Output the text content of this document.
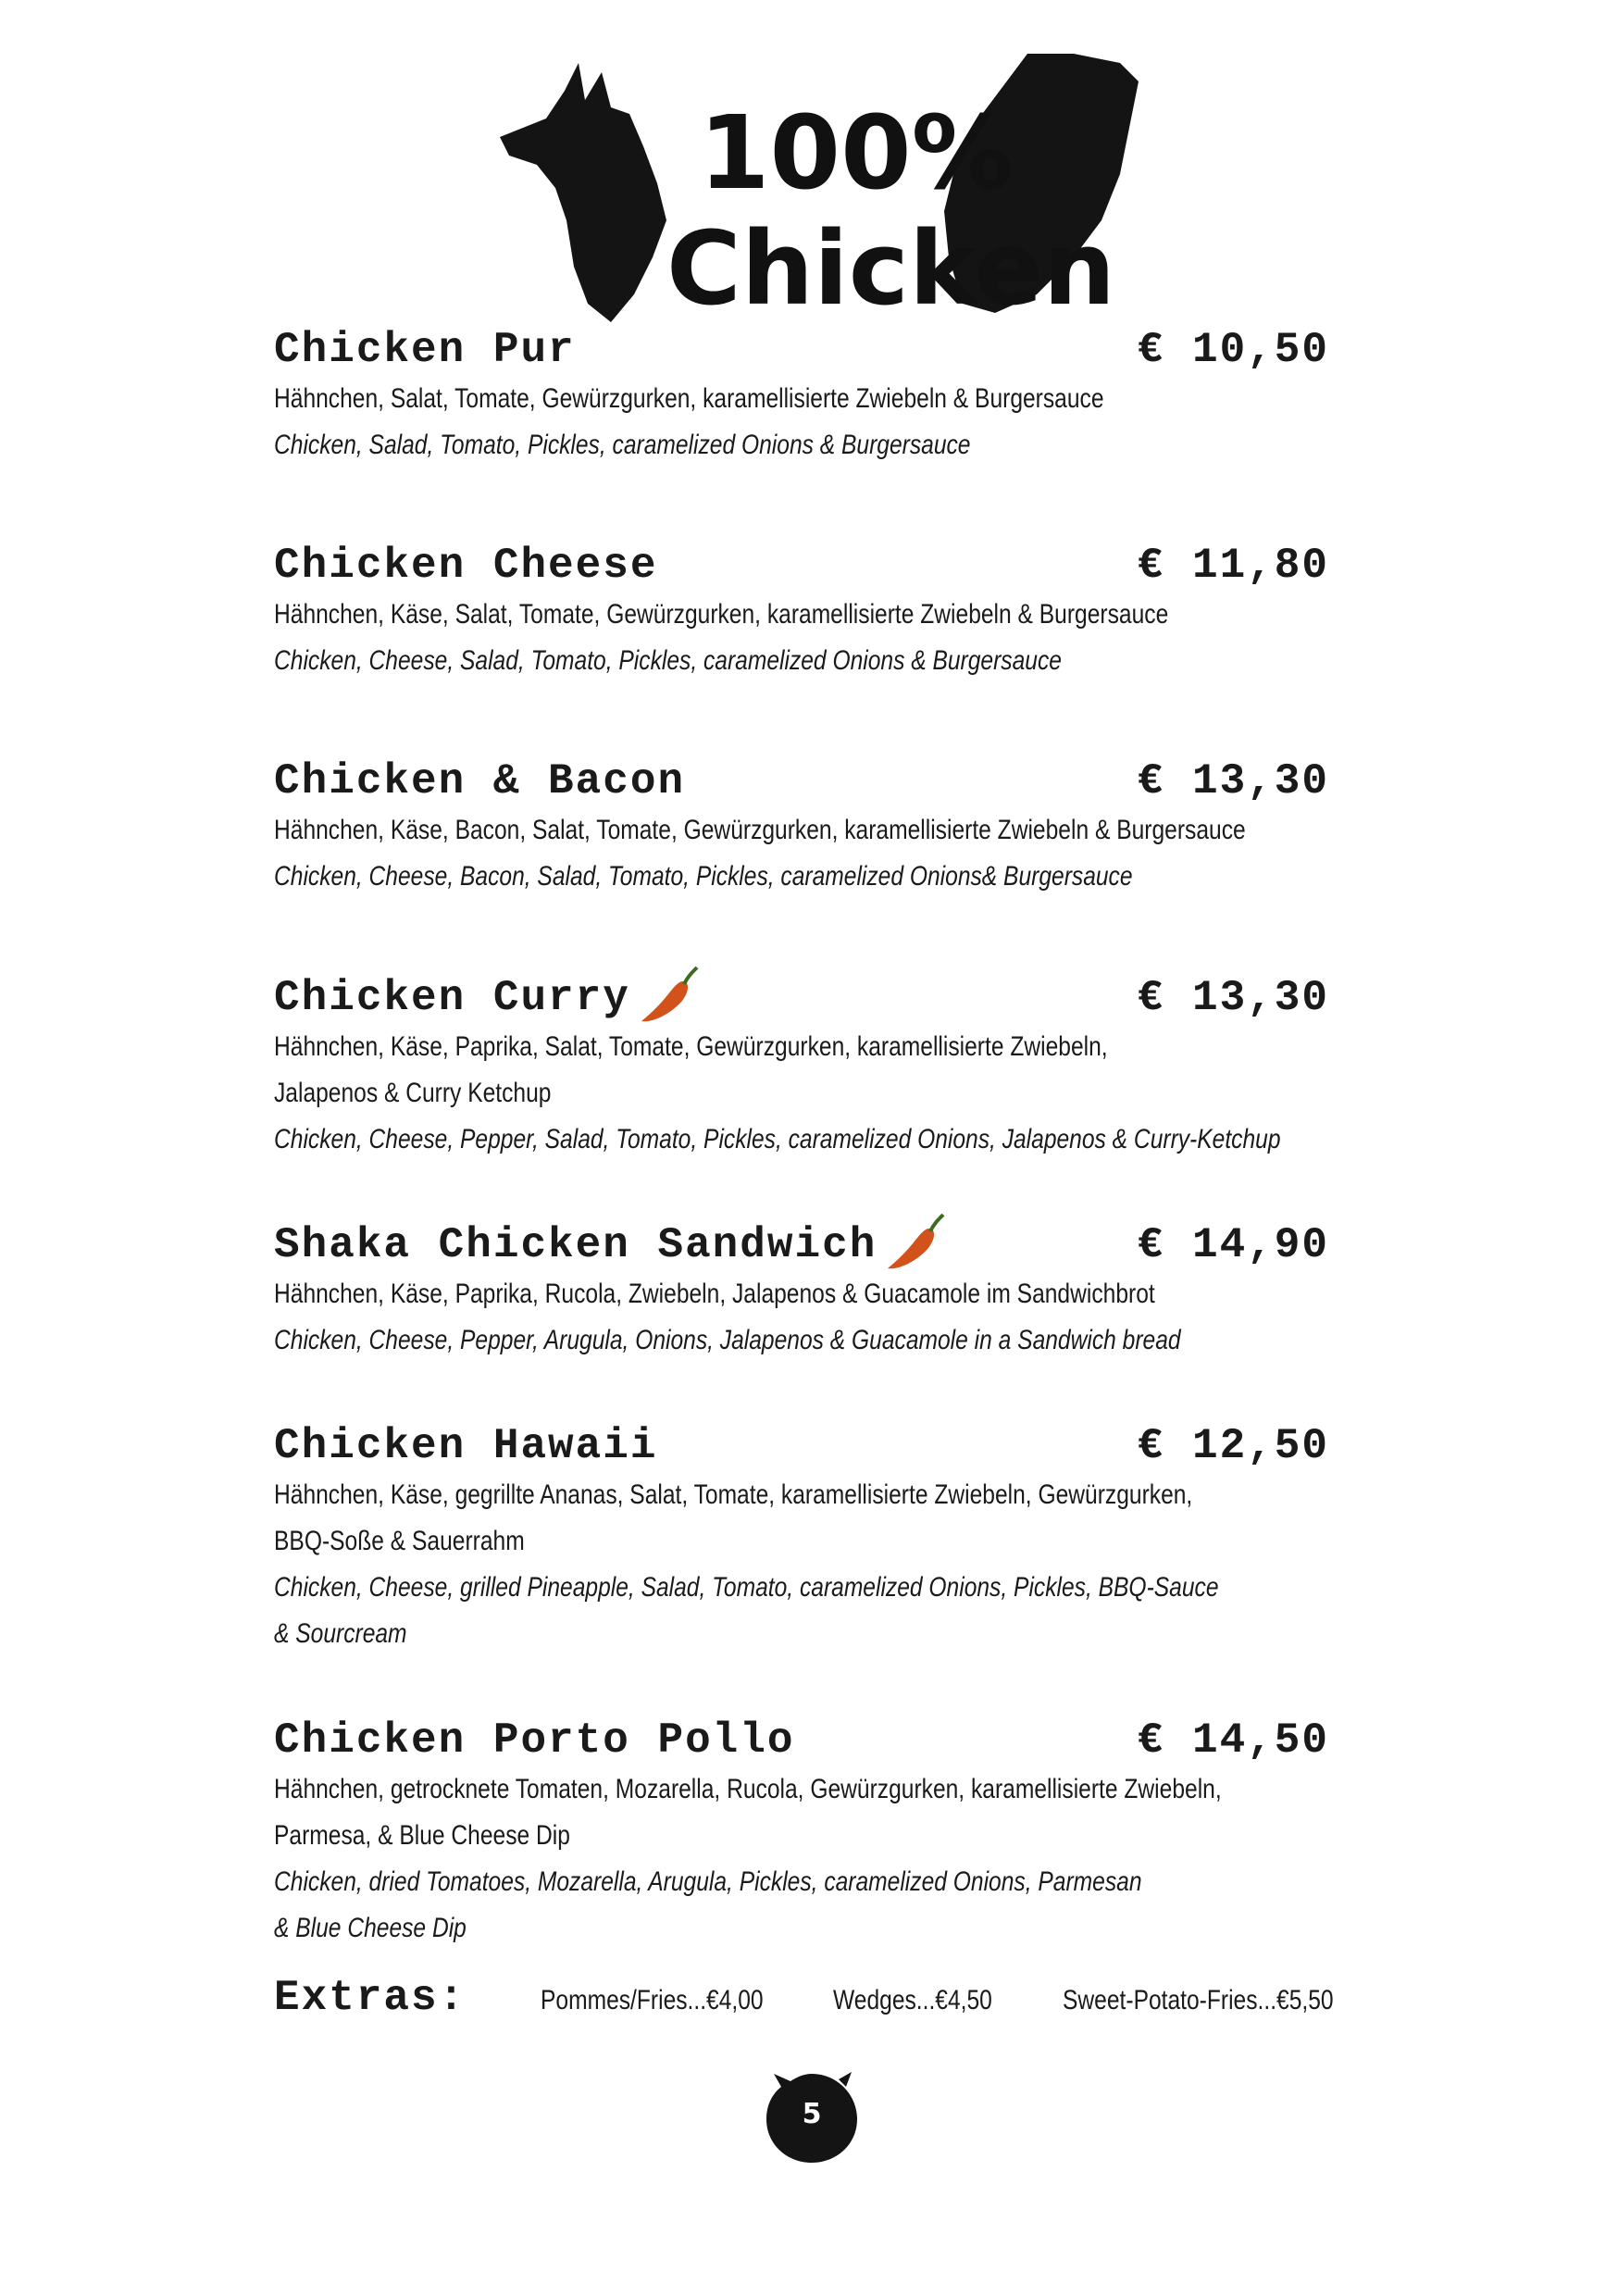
100%
Chicken
Chicken Pur	€ 10,50
Hähnchen, Salat, Tomate, Gewürzgurken, karamellisierte Zwiebeln & Burgersauce
Chicken, Salad, Tomato, Pickles, caramelized Onions & Burgersauce
Chicken Cheese	€ 11,80
Hähnchen, Käse, Salat, Tomate, Gewürzgurken, karamellisierte Zwiebeln & Burgersauce
Chicken, Cheese, Salad, Tomato, Pickles, caramelized Onions & Burgersauce
Chicken & Bacon	€ 13,30
Hähnchen, Käse, Bacon, Salat, Tomate, Gewürzgurken, karamellisierte Zwiebeln & Burgersauce
Chicken, Cheese, Bacon, Salad, Tomato, Pickles, caramelized Onions& Burgersauce
Chicken Curry	€ 13,30
Hähnchen, Käse, Paprika, Salat, Tomate, Gewürzgurken, karamellisierte Zwiebeln,
Jalapenos & Curry Ketchup
Chicken, Cheese, Pepper, Salad, Tomato, Pickles, caramelized Onions, Jalapenos & Curry-Ketchup
Shaka Chicken Sandwich	€ 14,90
Hähnchen, Käse, Paprika, Rucola, Zwiebeln, Jalapenos & Guacamole im Sandwichbrot
Chicken, Cheese, Pepper, Arugula, Onions, Jalapenos & Guacamole in a Sandwich bread
Chicken Hawaii	€ 12,50
Hähnchen, Käse, gegrillte Ananas, Salat, Tomate, karamellisierte Zwiebeln, Gewürzgurken,
BBQ-Soße & Sauerrahm
Chicken, Cheese, grilled Pineapple, Salad, Tomato, caramelized Onions, Pickles, BBQ-Sauce
& Sourcream
Chicken Porto Pollo	€ 14,50
Hähnchen, getrocknete Tomaten, Mozarella, Rucola, Gewürzgurken, karamellisierte Zwiebeln,
Parmesa, & Blue Cheese Dip
Chicken, dried Tomatoes, Mozarella, Arugula, Pickles, caramelized Onions, Parmesan
& Blue Cheese Dip
Extras:	Pommes/Fries...€4,00	Wedges...€4,50	Sweet-Potato-Fries...€5,50
5
